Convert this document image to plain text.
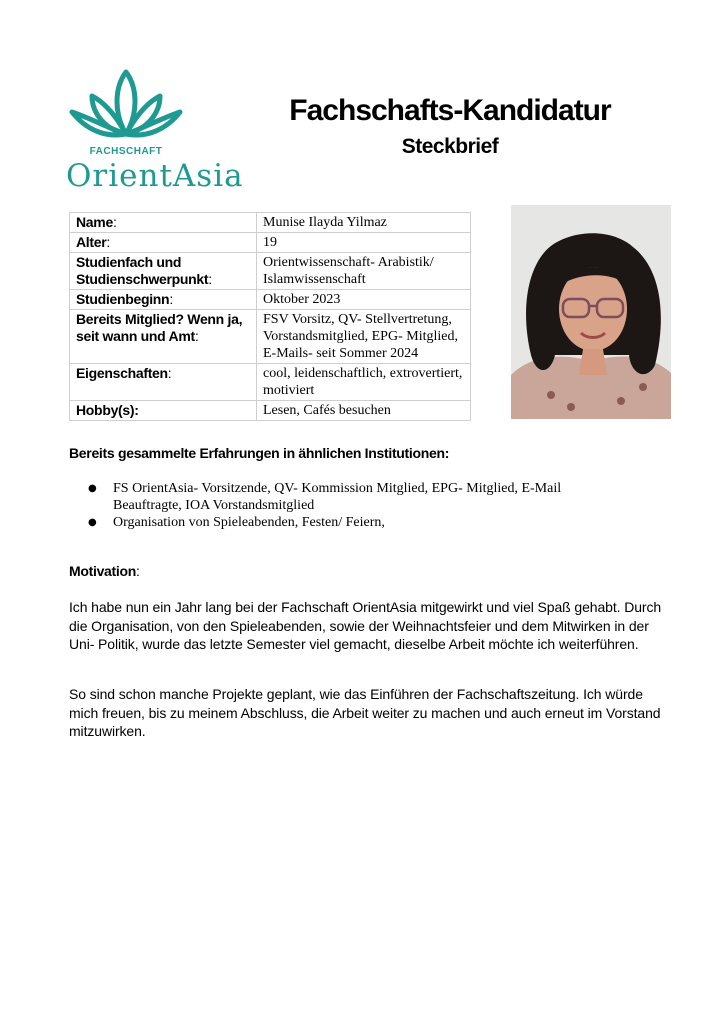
FACHSCHAFT
OrientAsia
Fachschafts-Kandidatur
Steckbrief
Name:	Munise Ilayda Yilmaz
Alter:	19
Studienfach und Studienschwerpunkt:	Orientwissenschaft- Arabistik/ Islamwissenschaft
Studienbeginn:	Oktober 2023
Bereits Mitglied? Wenn ja, seit wann und Amt:	FSV Vorsitz, QV- Stellvertretung, Vorstandsmitglied, EPG- Mitglied, E-Mails- seit Sommer 2024
Eigenschaften:	cool, leidenschaftlich, extrovertiert, motiviert
Hobby(s):	Lesen, Cafés besuchen
Bereits gesammelte Erfahrungen in ähnlichen Institutionen:
● FS OrientAsia- Vorsitzende, QV- Kommission Mitglied, EPG- Mitglied, E-Mail Beauftragte, IOA Vorstandsmitglied
● Organisation von Spieleabenden, Festen/ Feiern,
Motivation:

Ich habe nun ein Jahr lang bei der Fachschaft OrientAsia mitgewirkt und viel Spaß gehabt. Durch die Organisation, von den Spieleabenden, sowie der Weihnachtsfeier und dem Mitwirken in der Uni- Politik, wurde das letzte Semester viel gemacht, dieselbe Arbeit möchte ich weiterführen.

So sind schon manche Projekte geplant, wie das Einführen der Fachschaftszeitung. Ich würde mich freuen, bis zu meinem Abschluss, die Arbeit weiter zu machen und auch erneut im Vorstand mitzuwirken.
